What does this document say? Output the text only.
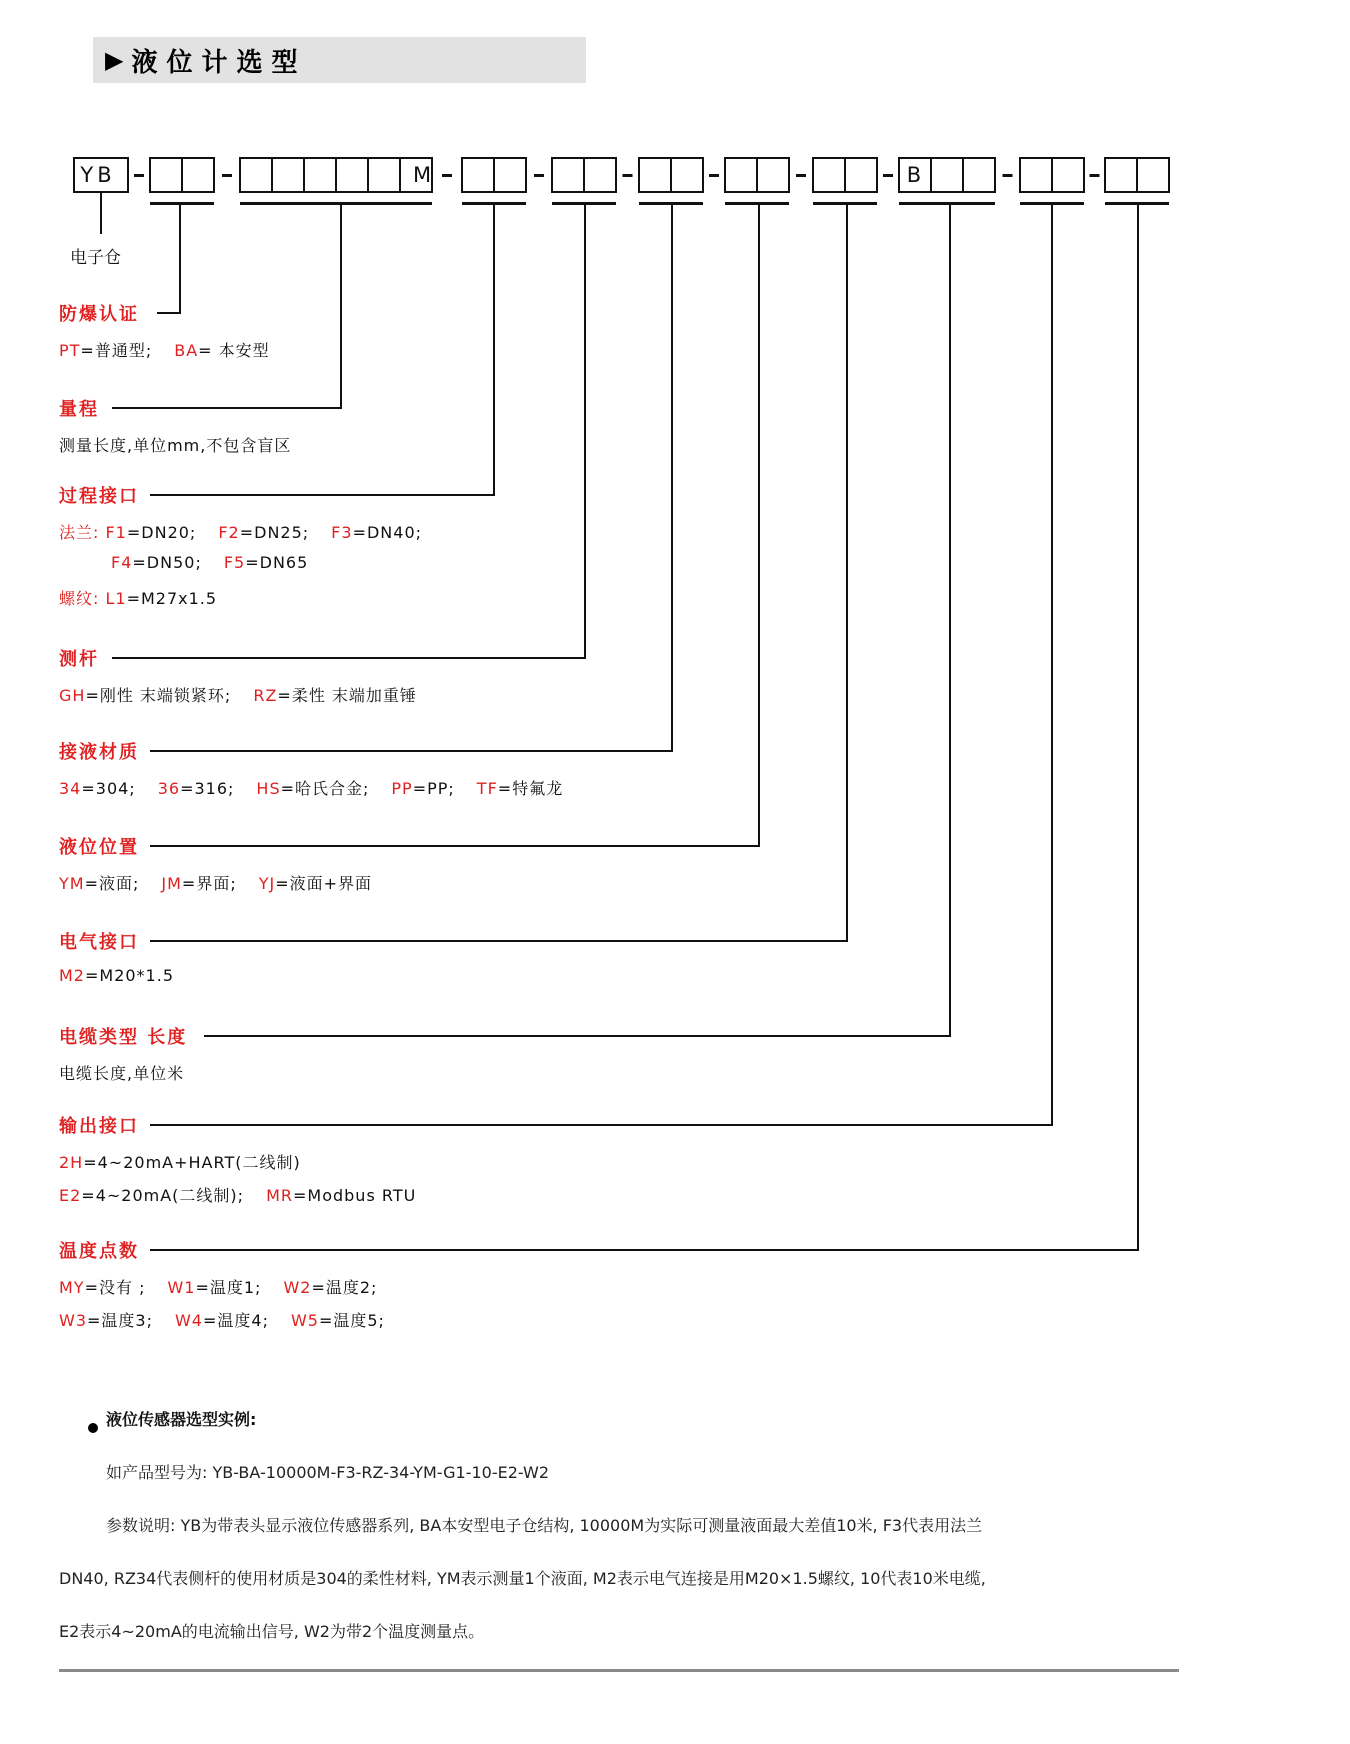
▶ 液位计选型
YB	M	B
电子仓
防爆认证
PT=普通型; BA= 本安型
量程
测量长度,单位mm,不包含盲区
过程接口
法兰: F1=DN20; F2=DN25; F3=DN40;
F4=DN50; F5=DN65
螺纹: L1=M27x1.5
测杆
GH=刚性 末端锁紧环; RZ=柔性 末端加重锤
接液材质
34=304; 36=316; HS=哈氏合金; PP=PP; TF=特氟龙
液位位置
YM=液面; JM=界面; YJ=液面+界面
电气接口
M2=M20*1.5
电缆类型 长度
电缆长度,单位米
输出接口
2H=4~20mA+HART(二线制)
E2=4~20mA(二线制); MR=Modbus RTU
温度点数
MY=没有 ; W1=温度1; W2=温度2;
W3=温度3; W4=温度4; W5=温度5;
液位传感器选型实例:
如产品型号为: YB-BA-10000M-F3-RZ-34-YM-G1-10-E2-W2
参数说明: YB为带表头显示液位传感器系列, BA本安型电子仓结构, 10000M为实际可测量液面最大差值10米, F3代表用法兰
DN40, RZ34代表侧杆的使用材质是304的柔性材料, YM表示测量1个液面, M2表示电气连接是用M20×1.5螺纹, 10代表10米电缆,
E2表示4~20mA的电流输出信号, W2为带2个温度测量点。
